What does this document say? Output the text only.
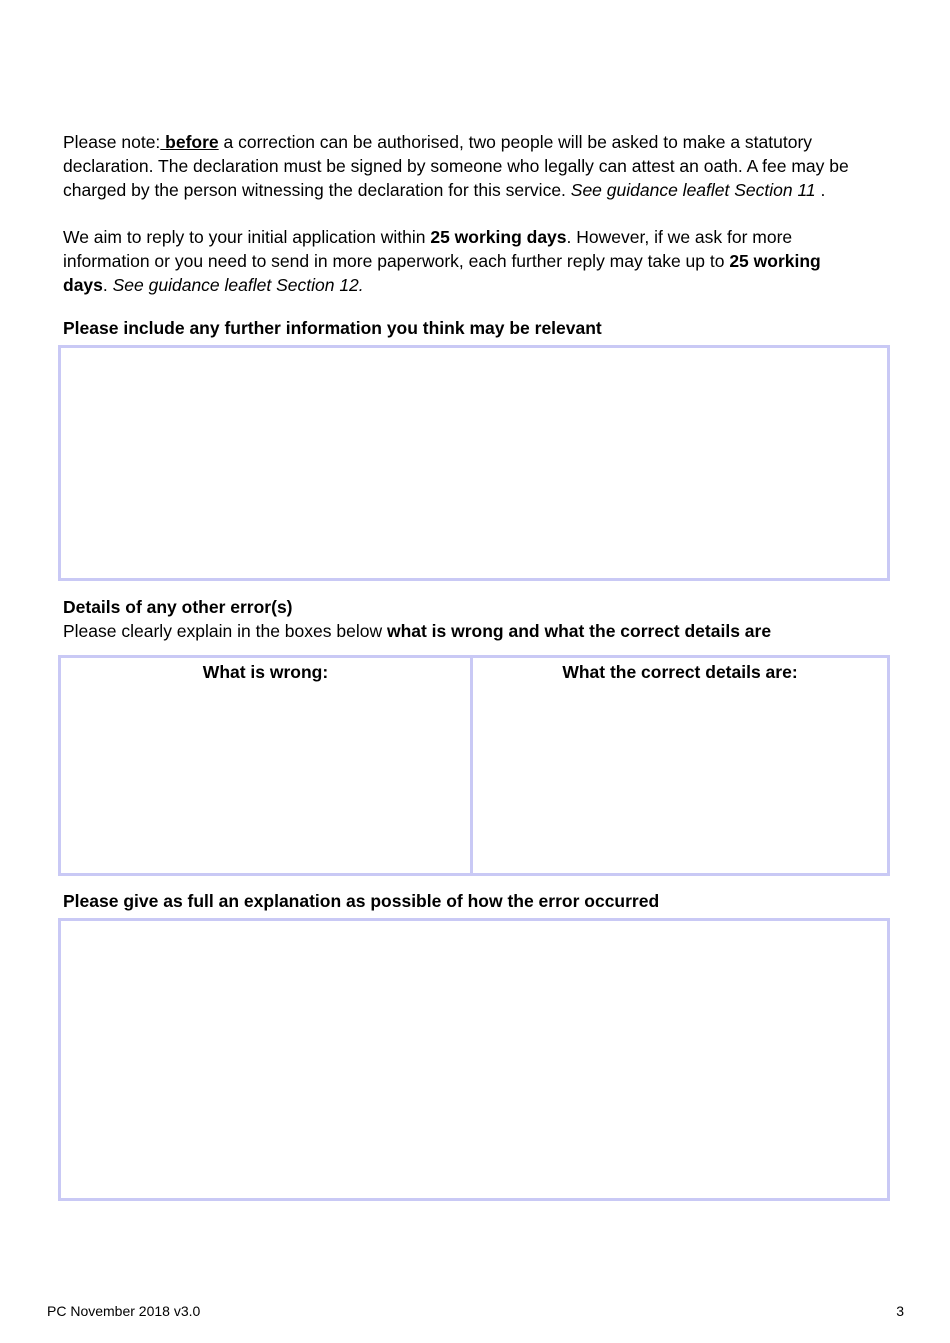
Please note: before a correction can be authorised, two people will be asked to make a statutory declaration. The declaration must be signed by someone who legally can attest an oath. A fee may be charged by the person witnessing the declaration for this service. See guidance leaflet Section 11 .

We aim to reply to your initial application within 25 working days. However, if we ask for more information or you need to send in more paperwork, each further reply may take up to 25 working days. See guidance leaflet Section 12.

Please include any further information you think may be relevant

Details of any other error(s)

Please clearly explain in the boxes below what is wrong and what the correct details are

What is wrong:	What the correct details are:

Please give as full an explanation as possible of how the error occurred

PC November 2018 v3.0	3
